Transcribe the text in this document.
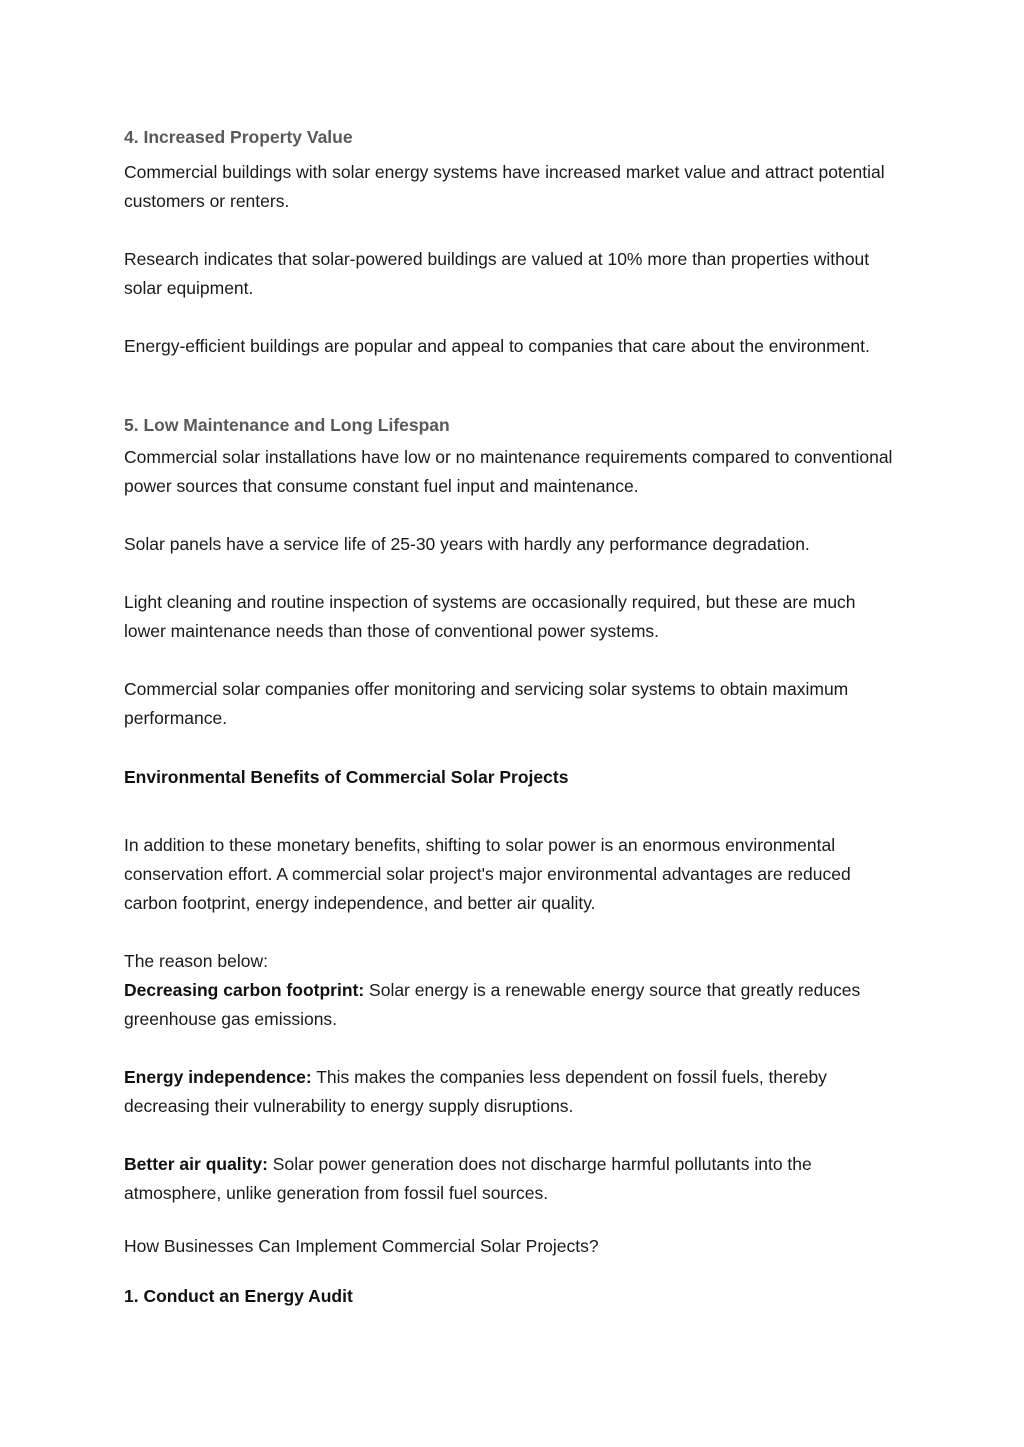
4. Increased Property Value

Commercial buildings with solar energy systems have increased market value and attract potential customers or renters.

Research indicates that solar-powered buildings are valued at 10% more than properties without solar equipment.

Energy-efficient buildings are popular and appeal to companies that care about the environment.

5. Low Maintenance and Long Lifespan

Commercial solar installations have low or no maintenance requirements compared to conventional power sources that consume constant fuel input and maintenance.

Solar panels have a service life of 25-30 years with hardly any performance degradation.

Light cleaning and routine inspection of systems are occasionally required, but these are much lower maintenance needs than those of conventional power systems.

Commercial solar companies offer monitoring and servicing solar systems to obtain maximum performance.

Environmental Benefits of Commercial Solar Projects

In addition to these monetary benefits, shifting to solar power is an enormous environmental conservation effort. A commercial solar project's major environmental advantages are reduced carbon footprint, energy independence, and better air quality.

The reason below:

Decreasing carbon footprint: Solar energy is a renewable energy source that greatly reduces greenhouse gas emissions.

Energy independence: This makes the companies less dependent on fossil fuels, thereby decreasing their vulnerability to energy supply disruptions.

Better air quality: Solar power generation does not discharge harmful pollutants into the atmosphere, unlike generation from fossil fuel sources.

How Businesses Can Implement Commercial Solar Projects?

1. Conduct an Energy Audit
